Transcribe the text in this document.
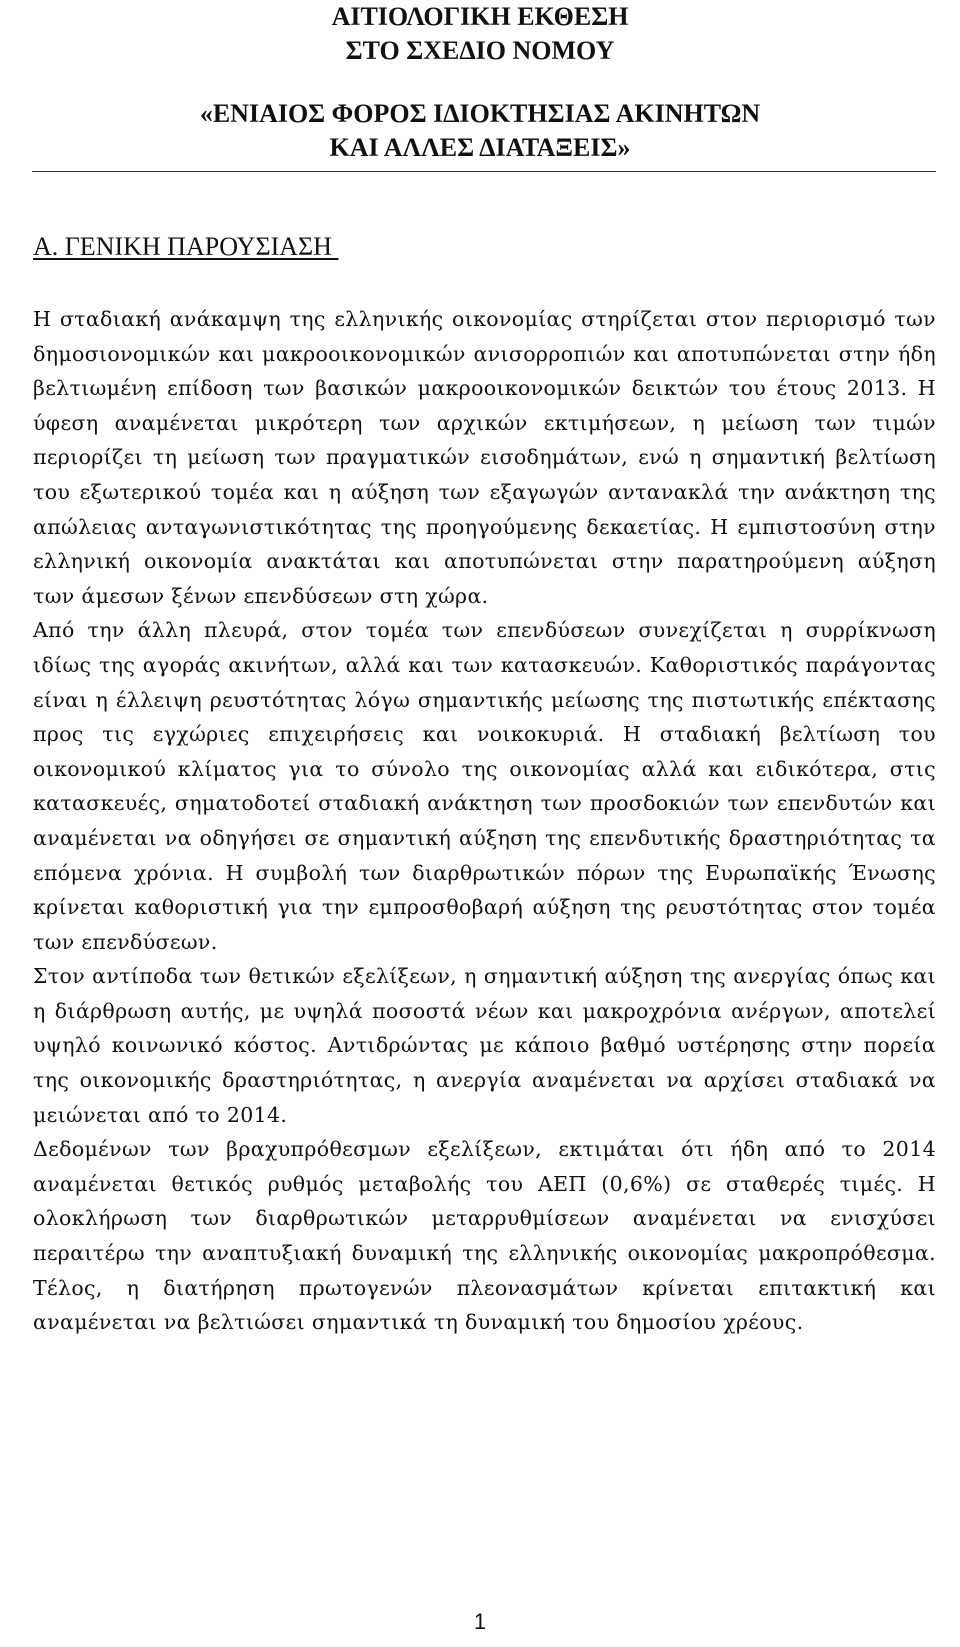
ΑΙΤΙΟΛΟΓΙΚΗ ΕΚΘΕΣΗ
ΣΤΟ ΣΧΕΔΙΟ ΝΟΜΟΥ
«ΕΝΙΑΙΟΣ ΦΟΡΟΣ ΙΔΙΟΚΤΗΣΙΑΣ ΑΚΙΝΗΤΩΝ
ΚΑΙ ΑΛΛΕΣ ΔΙΑΤΑΞΕΙΣ»
Α. ΓΕΝΙΚΗ ΠΑΡΟΥΣΙΑΣΗ

Η σταδιακή ανάκαμψη της ελληνικής οικονομίας στηρίζεται στον περιορισμό των δημοσιονομικών και μακροοικονομικών ανισορροπιών και αποτυπώνεται στην ήδη βελτιωμένη επίδοση των βασικών μακροοικονομικών δεικτών του έτους 2013. Η ύφεση αναμένεται μικρότερη των αρχικών εκτιμήσεων, η μείωση των τιμών περιορίζει τη μείωση των πραγματικών εισοδημάτων, ενώ η σημαντική βελτίωση του εξωτερικού τομέα και η αύξηση των εξαγωγών αντανακλά την ανάκτηση της απώλειας ανταγωνιστικότητας της προηγούμενης δεκαετίας. Η εμπιστοσύνη στην ελληνική οικονομία ανακτάται και αποτυπώνεται στην παρατηρούμενη αύξηση των άμεσων ξένων επενδύσεων στη χώρα.

Από την άλλη πλευρά, στον τομέα των επενδύσεων συνεχίζεται η συρρίκνωση ιδίως της αγοράς ακινήτων, αλλά και των κατασκευών. Καθοριστικός παράγοντας είναι η έλλειψη ρευστότητας λόγω σημαντικής μείωσης της πιστωτικής επέκτασης προς τις εγχώριες επιχειρήσεις και νοικοκυριά. Η σταδιακή βελτίωση του οικονομικού κλίματος για το σύνολο της οικονομίας αλλά και ειδικότερα, στις κατασκευές, σηματοδοτεί σταδιακή ανάκτηση των προσδοκιών των επενδυτών και αναμένεται να οδηγήσει σε σημαντική αύξηση της επενδυτικής δραστηριότητας τα επόμενα χρόνια. Η συμβολή των διαρθρωτικών πόρων της Ευρωπαϊκής Ένωσης κρίνεται καθοριστική για την εμπροσθοβαρή αύξηση της ρευστότητας στον τομέα των επενδύσεων.

Στον αντίποδα των θετικών εξελίξεων, η σημαντική αύξηση της ανεργίας όπως και η διάρθρωση αυτής, με υψηλά ποσοστά νέων και μακροχρόνια ανέργων, αποτελεί υψηλό κοινωνικό κόστος. Αντιδρώντας με κάποιο βαθμό υστέρησης στην πορεία της οικονομικής δραστηριότητας, η ανεργία αναμένεται να αρχίσει σταδιακά να μειώνεται από το 2014.

Δεδομένων των βραχυπρόθεσμων εξελίξεων, εκτιμάται ότι ήδη από το 2014 αναμένεται θετικός ρυθμός μεταβολής του ΑΕΠ (0,6%) σε σταθερές τιμές. Η ολοκλήρωση των διαρθρωτικών μεταρρυθμίσεων αναμένεται να ενισχύσει περαιτέρω την αναπτυξιακή δυναμική της ελληνικής οικονομίας μακροπρόθεσμα. Τέλος, η διατήρηση πρωτογενών πλεονασμάτων κρίνεται επιτακτική και αναμένεται να βελτιώσει σημαντικά τη δυναμική του δημοσίου χρέους.

1
